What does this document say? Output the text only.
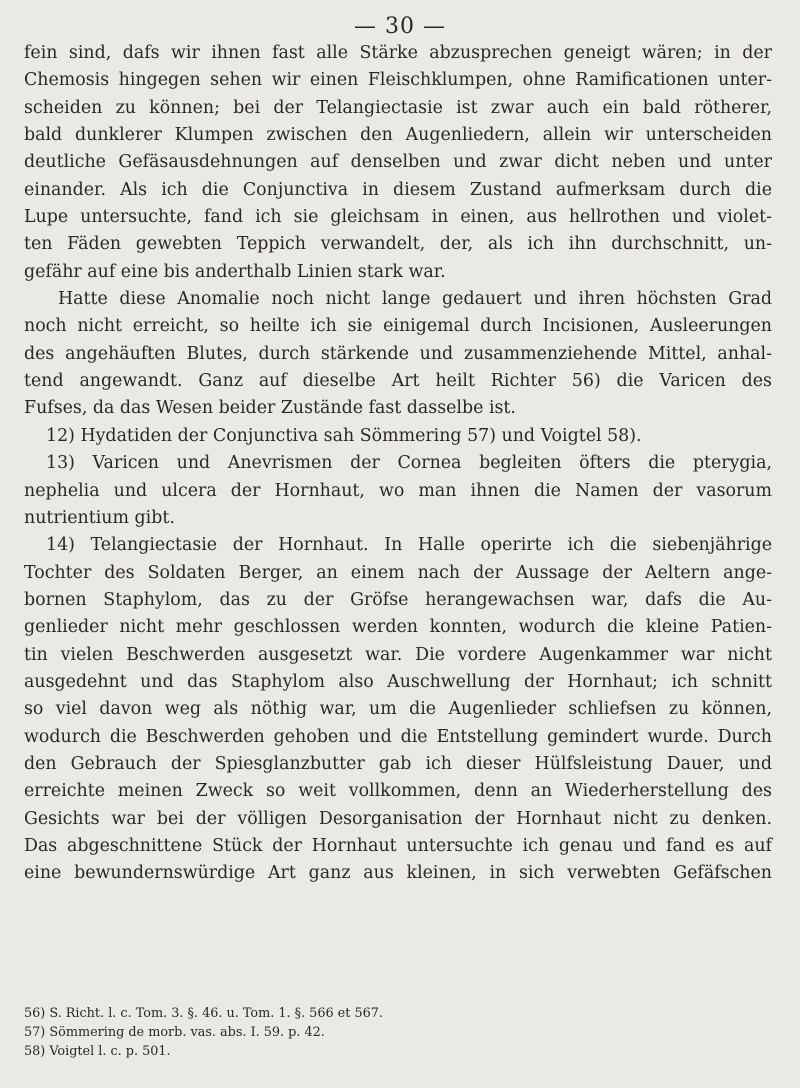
— 30 —
fein sind, dafs wir ihnen fast alle Stärke abzusprechen geneigt wären; in der
Chemosis hingegen sehen wir einen Fleischklumpen, ohne Ramificationen unter-
scheiden zu können; bei der Telangiectasie ist zwar auch ein bald rötherer,
bald dunklerer Klumpen zwischen den Augenliedern, allein wir unterscheiden
deutliche Gefäsausdehnungen auf denselben und zwar dicht neben und unter
einander. Als ich die Conjunctiva in diesem Zustand aufmerksam durch die
Lupe untersuchte, fand ich sie gleichsam in einen, aus hellrothen und violet-
ten Fäden gewebten Teppich verwandelt, der, als ich ihn durchschnitt, un-
gefähr auf eine bis anderthalb Linien stark war.
Hatte diese Anomalie noch nicht lange gedauert und ihren höchsten Grad
noch nicht erreicht, so heilte ich sie einigemal durch Incisionen, Ausleerungen
des angehäuften Blutes, durch stärkende und zusammenziehende Mittel, anhal-
tend angewandt. Ganz auf dieselbe Art heilt Richter 56) die Varicen des
Fufses, da das Wesen beider Zustände fast dasselbe ist.
12) Hydatiden der Conjunctiva sah Sömmering 57) und Voigtel 58).
13) Varicen und Anevrismen der Cornea begleiten öfters die pterygia,
nephelia und ulcera der Hornhaut, wo man ihnen die Namen der vasorum
nutrientium gibt.
14) Telangiectasie der Hornhaut. In Halle operirte ich die siebenjährige
Tochter des Soldaten Berger, an einem nach der Aussage der Aeltern ange-
bornen Staphylom, das zu der Gröfse herangewachsen war, dafs die Au-
genlieder nicht mehr geschlossen werden konnten, wodurch die kleine Patien-
tin vielen Beschwerden ausgesetzt war. Die vordere Augenkammer war nicht
ausgedehnt und das Staphylom also Auschwellung der Hornhaut; ich schnitt
so viel davon weg als nöthig war, um die Augenlieder schliefsen zu können,
wodurch die Beschwerden gehoben und die Entstellung gemindert wurde. Durch
den Gebrauch der Spiesglanzbutter gab ich dieser Hülfsleistung Dauer, und
erreichte meinen Zweck so weit vollkommen, denn an Wiederherstellung des
Gesichts war bei der völligen Desorganisation der Hornhaut nicht zu denken.
Das abgeschnittene Stück der Hornhaut untersuchte ich genau und fand es auf
eine bewundernswürdige Art ganz aus kleinen, in sich verwebten Gefäfschen
56) S. Richt. l. c. Tom. 3. §. 46. u. Tom. 1. §. 566 et 567.
57) Sömmering de morb. vas. abs. I. 59. p. 42.
58) Voigtel l. c. p. 501.
